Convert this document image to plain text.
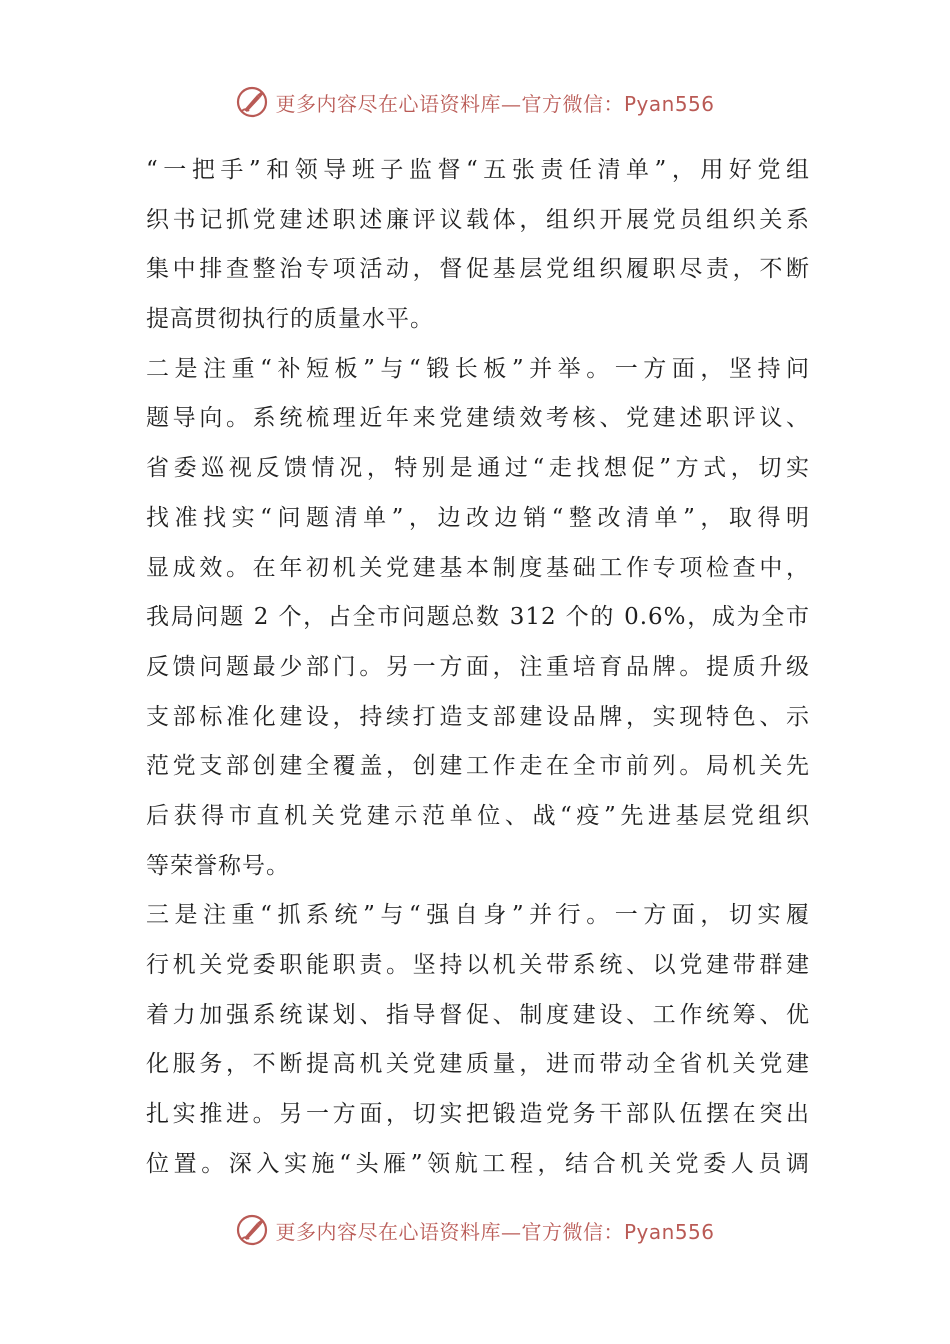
更多内容尽在心语资料库—官方微信：Pyan556
“一把手”和领导班子监督“五张责任清单”，用好党组
织书记抓党建述职述廉评议载体，组织开展党员组织关系
集中排查整治专项活动，督促基层党组织履职尽责，不断
提高贯彻执行的质量水平。
二是注重“补短板”与“锻长板”并举。一方面，坚持问
题导向。系统梳理近年来党建绩效考核、党建述职评议、
省委巡视反馈情况，特别是通过“走找想促”方式，切实
找准找实“问题清单”，边改边销“整改清单”，取得明
显成效。在年初机关党建基本制度基础工作专项检查中，
我局问题 2 个，占全市问题总数 312 个的 0.6%，成为全市
反馈问题最少部门。另一方面，注重培育品牌。提质升级
支部标准化建设，持续打造支部建设品牌，实现特色、示
范党支部创建全覆盖，创建工作走在全市前列。局机关先
后获得市直机关党建示范单位、战“疫”先进基层党组织
等荣誉称号。
三是注重“抓系统”与“强自身”并行。一方面，切实履
行机关党委职能职责。坚持以机关带系统、以党建带群建
着力加强系统谋划、指导督促、制度建设、工作统筹、优
化服务，不断提高机关党建质量，进而带动全省机关党建
扎实推进。另一方面，切实把锻造党务干部队伍摆在突出
位置。深入实施“头雁”领航工程，结合机关党委人员调
更多内容尽在心语资料库—官方微信：Pyan556
